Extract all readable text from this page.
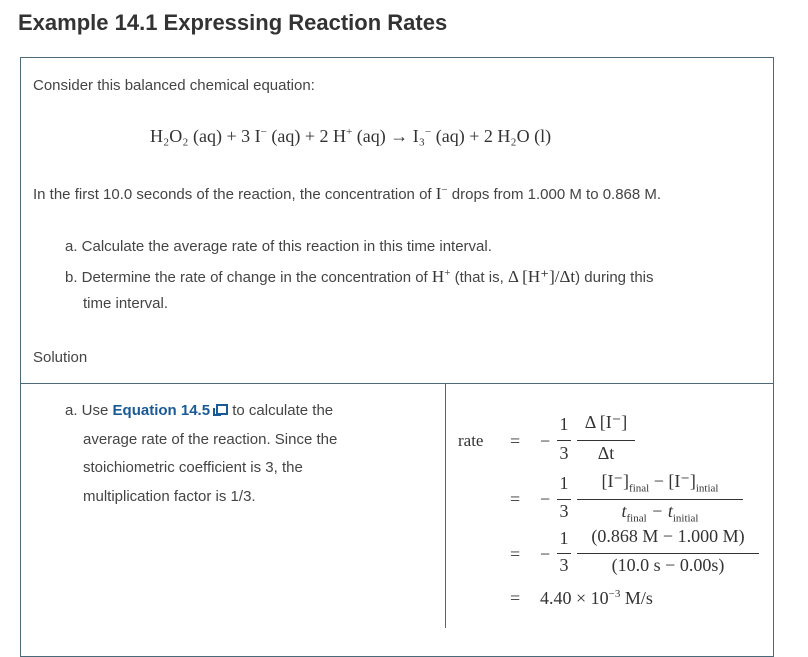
Example 14.1 Expressing Reaction Rates
Consider this balanced chemical equation:
H₂O₂ (aq) + 3 I− (aq) + 2 H+ (aq) → I₃− (aq) + 2 H₂O (l)
In the first 10.0 seconds of the reaction, the concentration of I− drops from 1.000 M to 0.868 M.
a. Calculate the average rate of this reaction in this time interval.
b. Determine the rate of change in the concentration of H+ (that is, Δ [H⁺]/Δt) during this
time interval.
Solution
a. Use Equation 14.5 to calculate the
average rate of the reaction. Since the
stoichiometric coefficient is 3, the
multiplication factor is 1/3.
rate = −
1
3
Δ [I⁻]
Δt
= −
1
3
$[I^-]_{final} - [I^-]_{intial}$
$t_{final} - t_{initial}$
= −
1
3
(0.868 M − 1.000 M)
(10.0 s − 0.00s)
= $4.40 \times 10^{-3}$ M/s
